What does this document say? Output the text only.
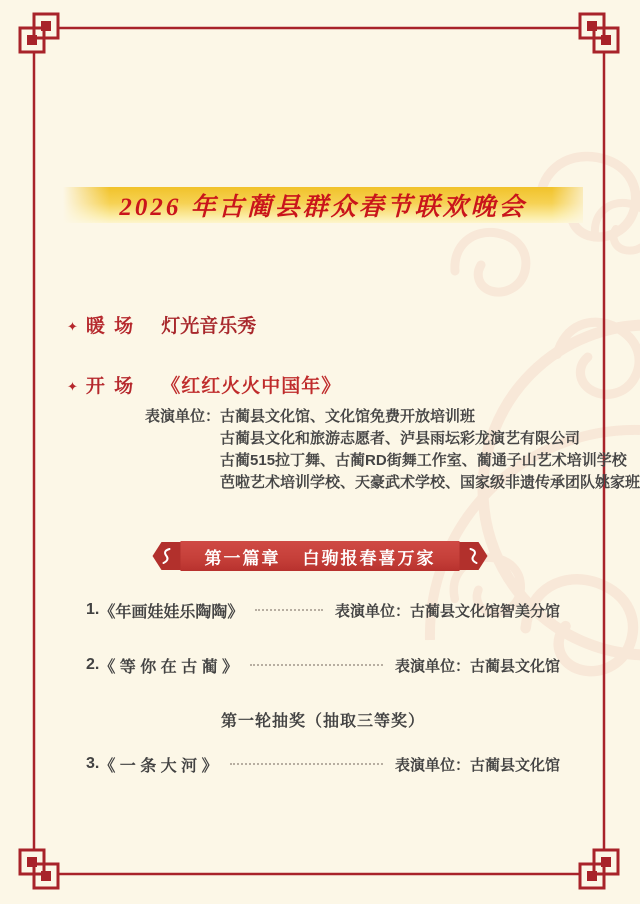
2026 年古蔺县群众春节联欢晚会
✦ 暖 场 灯光音乐秀
✦ 开 场 《红红火火中国年》
表演单位： 古蔺县文化馆、文化馆免费开放培训班
古蔺县文化和旅游志愿者、泸县雨坛彩龙演艺有限公司
古蔺515拉丁舞、古蔺RD街舞工作室、蔺通子山艺术培训学校
芭啦艺术培训学校、天豪武术学校、国家级非遗传承团队姚家班
第一篇章 白驹报春喜万家
1. 《年画娃娃乐陶陶》	表演单位：古蔺县文化馆智美分馆
2. 《 等 你 在 古 蔺 》	表演单位：古蔺县文化馆
第一轮抽奖（抽取三等奖）
3. 《 一 条 大 河 》	表演单位：古蔺县文化馆
